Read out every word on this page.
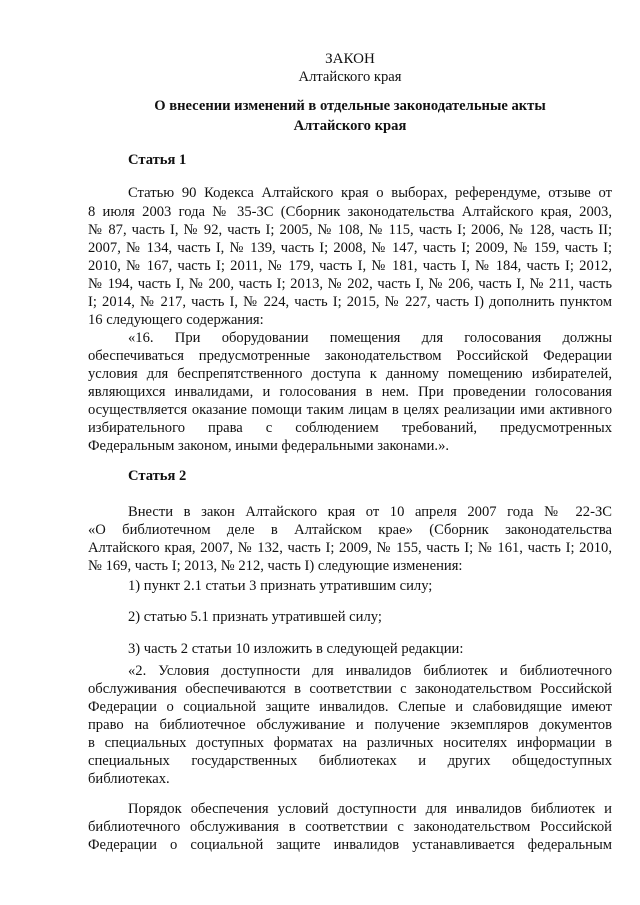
ЗАКОН
Алтайского края
О внесении изменений в отдельные законодательные акты
Алтайского края
Статья 1
Статью 90 Кодекса Алтайского края о выборах, референдуме, отзыве от
8 июля 2003 года № 35-ЗС (Сборник законодательства Алтайского края, 2003,
№ 87, часть I, № 92, часть I; 2005, № 108, № 115, часть I; 2006, № 128, часть II;
2007, № 134, часть I, № 139, часть I; 2008, № 147, часть I; 2009, № 159, часть I;
2010, № 167, часть I; 2011, № 179, часть I, № 181, часть I, № 184, часть I; 2012,
№ 194, часть I, № 200, часть I; 2013, № 202, часть I, № 206, часть I, № 211, часть
I; 2014, № 217, часть I, № 224, часть I; 2015, № 227, часть I) дополнить пунктом
16 следующего содержания:
«16. При оборудовании помещения для голосования должны
обеспечиваться предусмотренные законодательством Российской Федерации
условия для беспрепятственного доступа к данному помещению избирателей,
являющихся инвалидами, и голосования в нем. При проведении голосования
осуществляется оказание помощи таким лицам в целях реализации ими активного
избирательного права с соблюдением требований, предусмотренных
Федеральным законом, иными федеральными законами.».
Статья 2
Внести в закон Алтайского края от 10 апреля 2007 года № 22-ЗС
«О библиотечном деле в Алтайском крае» (Сборник законодательства
Алтайского края, 2007, № 132, часть I; 2009, № 155, часть I; № 161, часть I; 2010,
№ 169, часть I; 2013, № 212, часть I) следующие изменения:
1) пункт 2.1 статьи 3 признать утратившим силу;
2) статью 5.1 признать утратившей силу;
3) часть 2 статьи 10 изложить в следующей редакции:
«2. Условия доступности для инвалидов библиотек и библиотечного
обслуживания обеспечиваются в соответствии с законодательством Российской
Федерации о социальной защите инвалидов. Слепые и слабовидящие имеют
право на библиотечное обслуживание и получение экземпляров документов
в специальных доступных форматах на различных носителях информации в
специальных государственных библиотеках и других общедоступных
библиотеках.
Порядок обеспечения условий доступности для инвалидов библиотек и
библиотечного обслуживания в соответствии с законодательством Российской
Федерации о социальной защите инвалидов устанавливается федеральным
